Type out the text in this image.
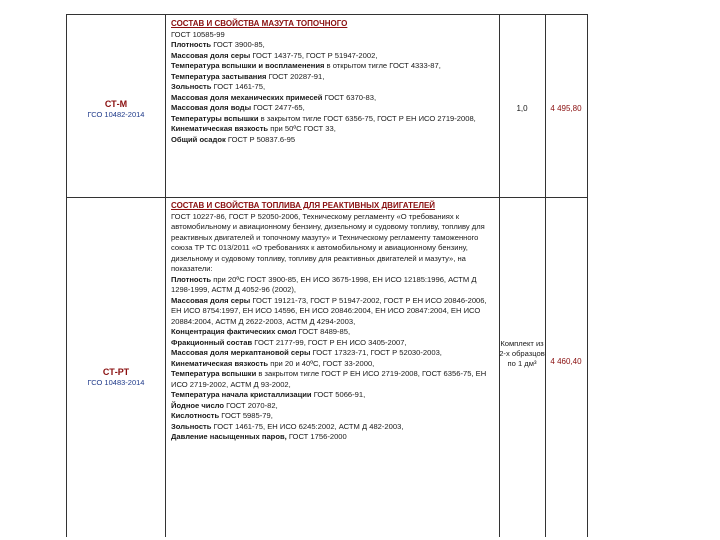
СТ-М
ГСО 10482-2014

СОСТАВ И СВОЙСТВА МАЗУТА ТОПОЧНОГО

ГОСТ 10585-99

Плотность ГОСТ 3900-85,

Массовая доля серы ГОСТ 1437-75, ГОСТ Р 51947-2002,

Температура вспышки и воспламенения в открытом тигле ГОСТ 4333-87,

Температура застывания ГОСТ 20287-91,

Зольность ГОСТ 1461-75,

Массовая доля механических примесей ГОСТ 6370-83,

Массовая доля воды ГОСТ 2477-65,

Температуры вспышки в закрытом тигле ГОСТ 6356-75, ГОСТ Р ЕН ИСО 2719-2008,

Кинематическая вязкость при 50ºС ГОСТ 33,

Общий осадок ГОСТ Р 50837.6-95

1,0	4 495,80
СТ-РТ
ГСО 10483-2014

СОСТАВ И СВОЙСТВА ТОПЛИВА ДЛЯ РЕАКТИВНЫХ ДВИГАТЕЛЕЙ

ГОСТ 10227-86, ГОСТ Р 52050-2006, Техническому регламенту «О требованиях к автомобильному и авиационному бензину, дизельному и судовому топливу, топливу для реактивных двигателей и топочному мазуту» и Техническому регламенту таможенного союза ТР ТС 013/2011 «О требованиях к автомобильному и авиационному бензину, дизельному и судовому топливу, топливу для реактивных двигателей и мазуту», на показатели:

Плотность при 20ºС ГОСТ 3900-85, ЕН ИСО 3675-1998, ЕН ИСО 12185:1996, АСТМ Д 1298-1999, АСТМ Д 4052-96 (2002),

Массовая доля серы ГОСТ 19121-73, ГОСТ Р 51947-2002, ГОСТ Р ЕН ИСО 20846-2006, ЕН ИСО 8754:1997, ЕН ИСО 14596, ЕН ИСО 20846:2004, ЕН ИСО 20847:2004, ЕН ИСО 20884:2004, АСТМ Д 2622-2003, АСТМ Д 4294-2003,

Концентрация фактических смол ГОСТ 8489-85,

Фракционный состав ГОСТ 2177-99, ГОСТ Р ЕН ИСО 3405-2007,

Массовая доля меркаптановой серы ГОСТ 17323-71, ГОСТ Р 52030-2003,

Кинематическая вязкость при 20 и 40ºС, ГОСТ 33-2000,

Температура вспышки в закрытом тигле ГОСТ Р ЕН ИСО 2719-2008, ГОСТ 6356-75, ЕН ИСО 2719-2002, АСТМ Д 93-2002,

Температура начала кристаллизации ГОСТ 5066-91,

Йодное число ГОСТ 2070-82,

Кислотность ГОСТ 5985-79,

Зольность ГОСТ 1461-75, ЕН ИСО 6245:2002, АСТМ Д 482-2003,

Давление насыщенных паров, ГОСТ 1756-2000

Комплект из 2-х образцов по 1 дм³	4 460,40
